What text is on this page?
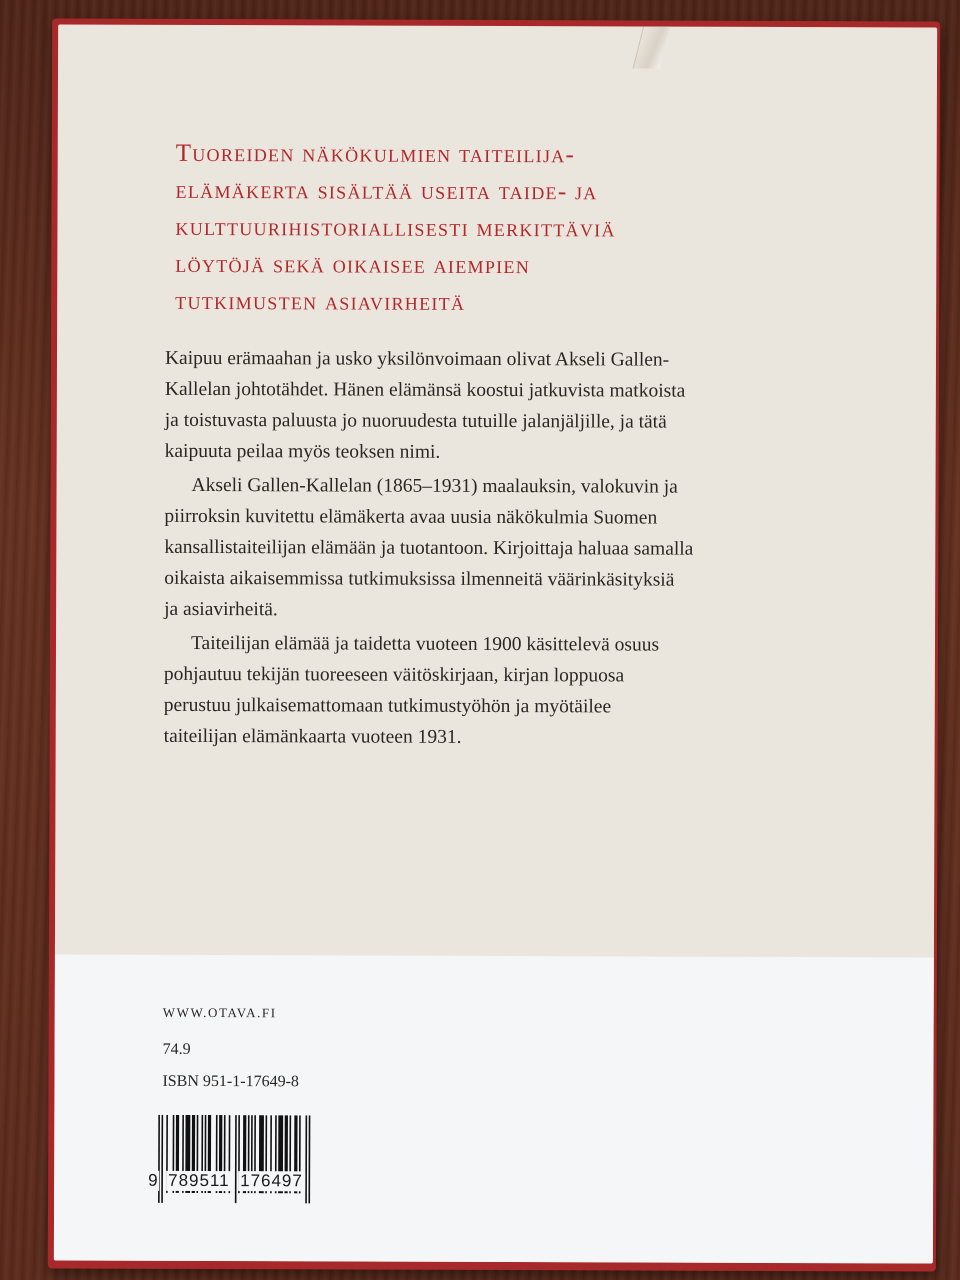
Tuoreiden näkökulmien taiteilija-
elämäkerta sisältää useita taide- ja
kulttuurihistoriallisesti merkittäviä
löytöjä sekä oikaisee aiempien
tutkimusten asiavirheitä
Kaipuu erämaahan ja usko yksilönvoimaan olivat Akseli Gallen-
Kallelan johtotähdet. Hänen elämänsä koostui jatkuvista matkoista
ja toistuvasta paluusta jo nuoruudesta tutuille jalanjäljille, ja tätä
kaipuuta peilaa myös teoksen nimi.
Akseli Gallen-Kallelan (1865–1931) maalauksin, valokuvin ja
piirroksin kuvitettu elämäkerta avaa uusia näkökulmia Suomen
kansallistaiteilijan elämään ja tuotantoon. Kirjoittaja haluaa samalla
oikaista aikaisemmissa tutkimuksissa ilmenneitä väärinkäsityksiä
ja asiavirheitä.
Taiteilijan elämää ja taidetta vuoteen 1900 käsittelevä osuus
pohjautuu tekijän tuoreeseen väitöskirjaan, kirjan loppuosa
perustuu julkaisemattomaan tutkimustyöhön ja myötäilee
taiteilijan elämänkaarta vuoteen 1931.
WWW.OTAVA.FI
74.9
ISBN 951-1-17649-8
9 789511 176497
